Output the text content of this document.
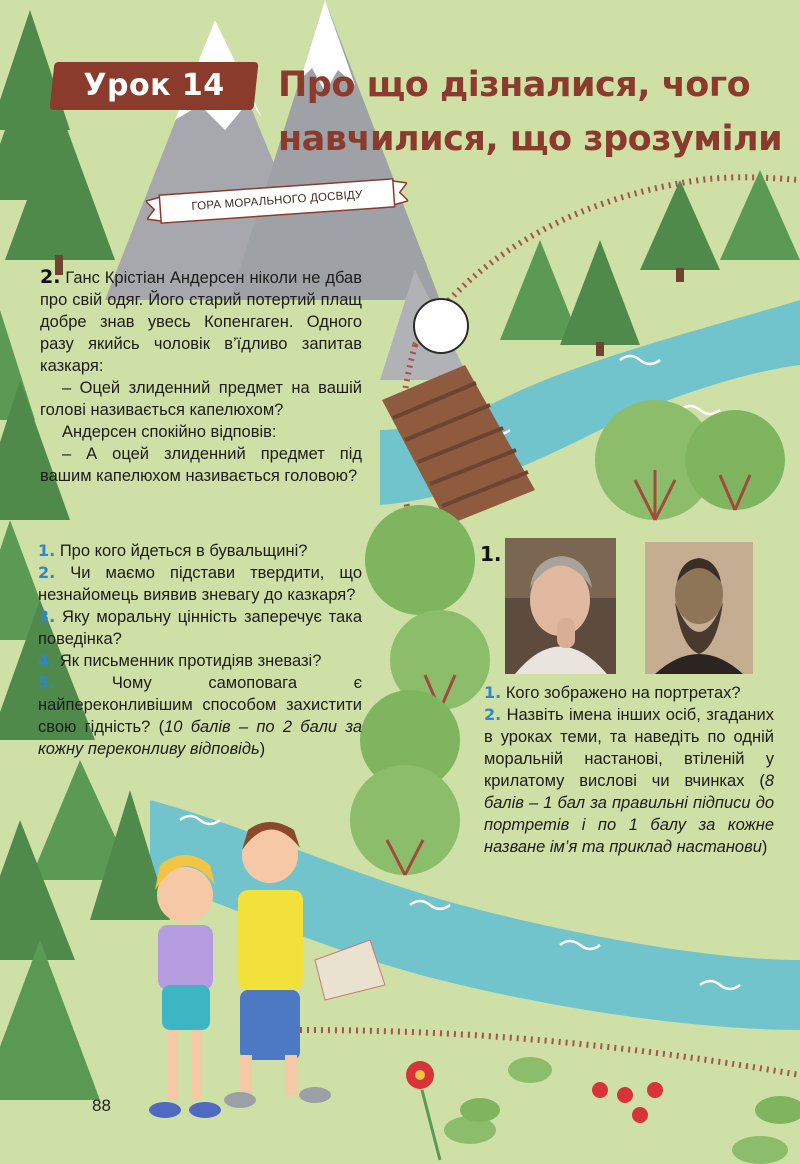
Урок 14	Про що дізналися, чого навчилися, що зрозуміли
ГОРА МОРАЛЬНОГО ДОСВІДУ

2. Ганс Крістіан Андерсен ніколи не дбав про свій одяг. Його старий потертий плащ добре знав увесь Копенгаген. Одного разу якийсь чоловік в’їдливо запитав казкаря:

– Оцей злиденний предмет на вашій голові називається капелюхом?

Андерсен спокійно відповів:

– А оцей злиденний предмет під вашим капелюхом називається головою?

1. Про кого йдеться в бувальщині?

2. Чи маємо підстави твердити, що незнайомець виявив зневагу до казкаря?

3. Яку моральну цінність заперечує така поведінка?

4. Як письменник протидіяв зневазі?

5.	Чому самоповага є найпереконливішим способом захистити свою гідність? (10 балів – по 2 бали за кожну переконливу відповідь)

1.

1. Кого зображено на портретах?

2. Назвіть імена інших осіб, згаданих в уроках теми, та наведіть по одній моральній настанові, втіленій у крилатому вислові чи вчинках (8 балів – 1 бал за правильні підписи до портретів і по 1 балу за кожне назване ім’я та приклад настанови)

88
